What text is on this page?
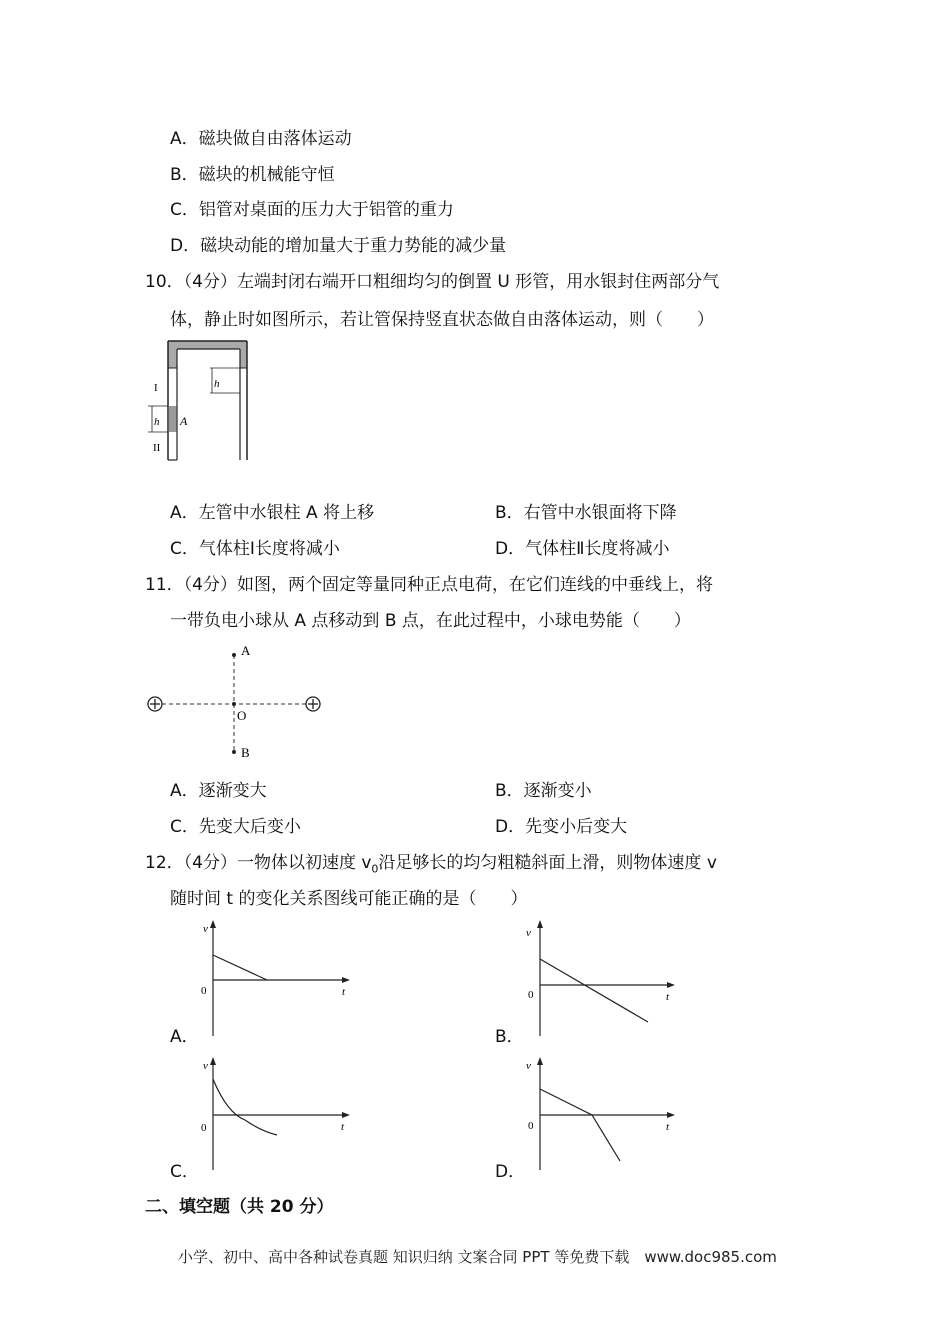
A．磁块做自由落体运动
B．磁块的机械能守恒
C．铝管对桌面的压力大于铝管的重力
D．磁块动能的增加量大于重力势能的减少量
10．（4分）左端封闭右端开口粗细均匀的倒置 U 形管，用水银封住两部分气
体，静止时如图所示，若让管保持竖直状态做自由落体运动，则（　　）
h
h A
I
II
A．左管中水银柱 A 将上移	B．右管中水银面将下降
C．气体柱Ⅰ长度将减小	D．气体柱Ⅱ长度将减小
11．（4分）如图，两个固定等量同种正点电荷，在它们连线的中垂线上，将
一带负电小球从 A 点移动到 B 点，在此过程中，小球电势能（　　）
A
O
B
A．逐渐变大	B．逐渐变小
C．先变大后变小	D．先变小后变大
12．（4分）一物体以初速度 $v_0$沿足够长的均匀粗糙斜面上滑，则物体速度 v
随时间 t 的变化关系图线可能正确的是（　　）
v
t
0
A．
v
t
0
B．
v
t
0
C．
v
t
0
D．
二、填空题（共 20 分）
小学、初中、高中各种试卷真题 知识归纳 文案合同 PPT 等免费下载　www.doc985.com
